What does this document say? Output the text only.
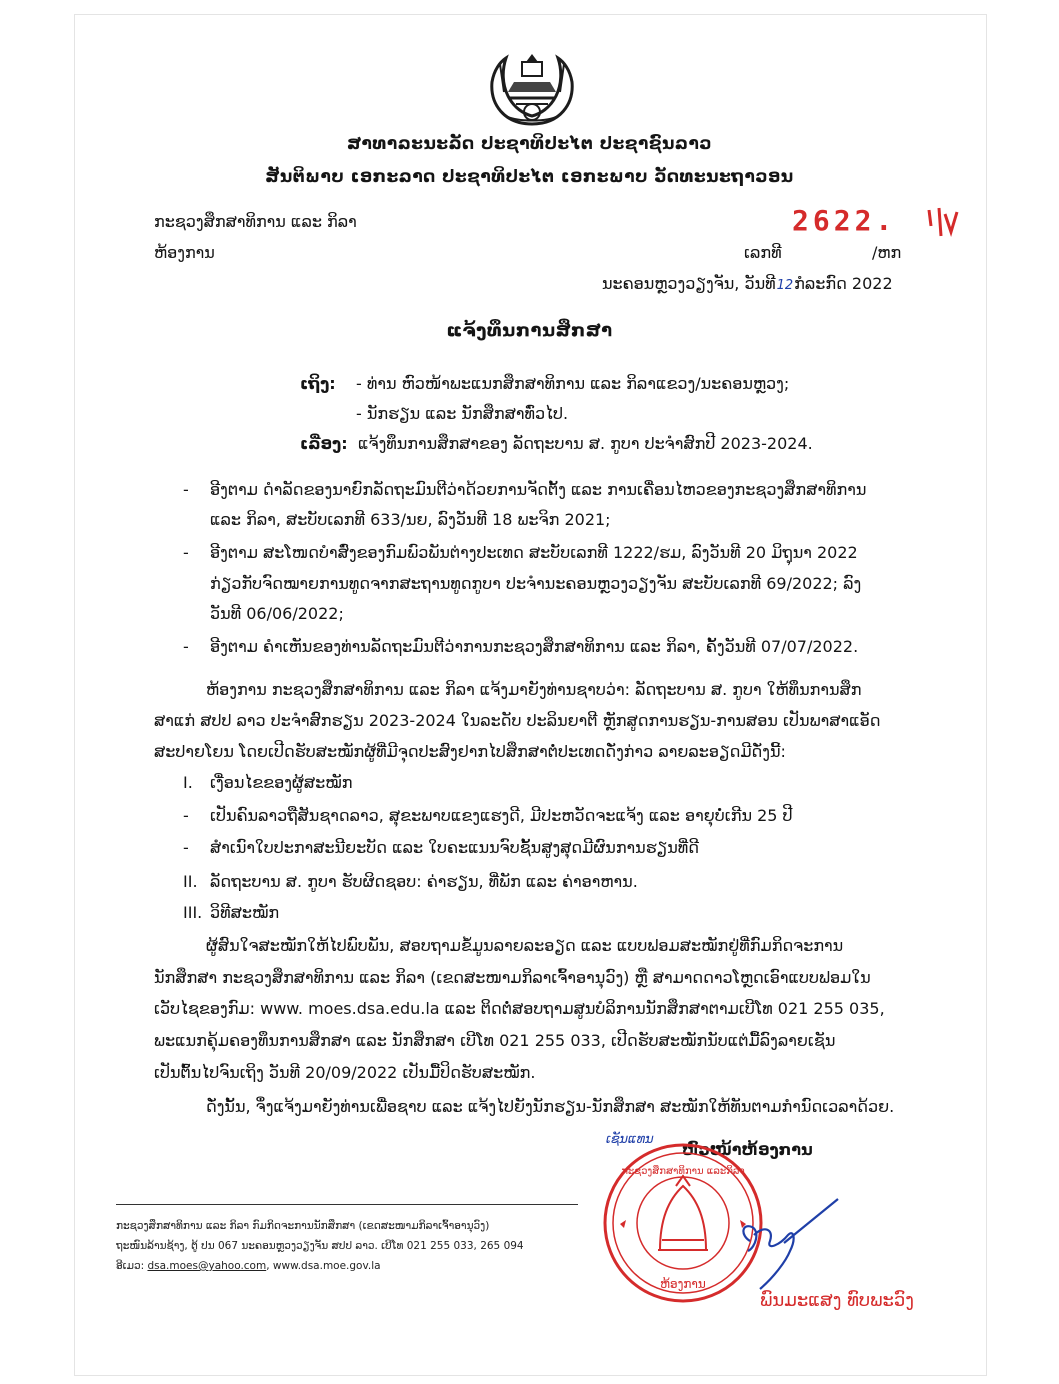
ສາທາລະນະລັດ ປະຊາທິປະໄຕ ປະຊາຊົນລາວ
ສັນຕິພາບ ເອກະລາດ ປະຊາທິປະໄຕ ເອກະພາບ ວັດທະນະຖາວອນ
ກະຊວງສຶກສາທິການ ແລະ ກິລາ
ຫ້ອງການ
2622.
ເລກທີ	/ຫກ
ນະຄອນຫຼວງວຽງຈັນ, ວັນທີ12ກໍລະກົດ 2022
ແຈ້ງທຶນການສຶກສາ
ເຖິງ: - ທ່ານ ຫົວໜ້າພະແນກສຶກສາທິການ ແລະ ກິລາແຂວງ/ນະຄອນຫຼວງ;
- ນັກຮຽນ ແລະ ນັກສຶກສາທົ່ວໄປ.
ເລື່ອງ: ແຈ້ງທຶນການສຶກສາຂອງ ລັດຖະບານ ສ. ກູບາ ປະຈໍາສົກປີ 2023-2024.
- ອີງຕາມ ດໍາລັດຂອງນາຍົກລັດຖະມົນຕີວ່າດ້ວຍການຈັດຕັ້ງ ແລະ ການເຄື່ອນໄຫວຂອງກະຊວງສຶກສາທິການ
ແລະ ກິລາ, ສະບັບເລກທີ 633/ນຍ, ລົງວັນທີ 18 ພະຈິກ 2021;
- ອີງຕາມ ສະໂໜດບໍາສົ່ງຂອງກົມພົວພັນຕ່າງປະເທດ ສະບັບເລກທີ 1222/ຮມ, ລົງວັນທີ 20 ມິຖຸນາ 2022
ກ່ຽວກັບຈົດໝາຍການທູດຈາກສະຖານທູດກູບາ ປະຈໍານະຄອນຫຼວງວຽງຈັນ ສະບັບເລກທີ 69/2022; ລົງ
ວັນທີ 06/06/2022;
- ອີງຕາມ ຄໍາເຫັນຂອງທ່ານລັດຖະມົນຕີວ່າການກະຊວງສຶກສາທິການ ແລະ ກິລາ, ຄັ້ງວັນທີ 07/07/2022.
ຫ້ອງການ ກະຊວງສຶກສາທິການ ແລະ ກິລາ ແຈ້ງມາຍັງທ່ານຊາບວ່າ: ລັດຖະບານ ສ. ກູບາ ໃຫ້ທຶນການສຶກ
ສາແກ່ ສປປ ລາວ ປະຈໍາສົກຮຽນ 2023-2024 ໃນລະດັບ ປະລິນຍາຕີ ຫຼັກສູດການຮຽນ-ການສອນ ເປັນພາສາແອັດ
ສະປາຍໂຍນ ໂດຍເປີດຮັບສະໝັກຜູ້ທີ່ມີຈຸດປະສົງຢາກໄປສຶກສາຕໍ່ປະເທດດັ່ງກ່າວ ລາຍລະອຽດມີດັ່ງນີ້:
I. ເງື່ອນໄຂຂອງຜູ້ສະໝັກ
- ເປັນຄົນລາວຖືສັນຊາດລາວ, ສຸຂະພາບແຂງແຮງດີ, ມີປະຫວັດຈະແຈ້ງ ແລະ ອາຍຸບໍ່ເກີນ 25 ປີ
- ສໍາເນົາໃບປະກາສະນີຍະບັດ ແລະ ໃບຄະແນນຈົບຊັ້ນສູງສຸດມີຜົນການຮຽນທີ່ດີ
II. ລັດຖະບານ ສ. ກູບາ ຮັບຜິດຊອບ: ຄ່າຮຽນ, ທີ່ພັກ ແລະ ຄ່າອາຫານ.
III. ວິທີສະໝັກ
ຜູ້ສົນໃຈສະໝັກໃຫ້ໄປພົບພັນ, ສອບຖາມຂໍ້ມູນລາຍລະອຽດ ແລະ ແບບຟອມສະໝັກຢູ່ທີ່ກົມກິດຈະການ
ນັກສຶກສາ ກະຊວງສຶກສາທິການ ແລະ ກິລາ (ເຂດສະໜາມກິລາເຈົ້າອານຸວົງ) ຫຼື ສາມາດດາວໂຫຼດເອົາແບບຟອມໃນ
ເວັບໄຊຂອງກົມ: www. moes.dsa.edu.la ແລະ ຕິດຕໍ່ສອບຖາມສູນບໍລິການນັກສຶກສາຕາມເບີໂທ 021 255 035,
ພະແນກຄຸ້ມຄອງທຶນການສຶກສາ ແລະ ນັກສຶກສາ ເບີໂທ 021 255 033, ເປີດຮັບສະໝັກນັບແຕ່ມື້ລົງລາຍເຊັນ
ເປັນຕົ້ນໄປຈົນເຖິງ ວັນທີ 20/09/2022 ເປັນມື້ປິດຮັບສະໝັກ.
ດັ່ງນັ້ນ, ຈຶ່ງແຈ້ງມາຍັງທ່ານເພື່ອຊາບ ແລະ ແຈ້ງໄປຍັງນັກຮຽນ-ນັກສຶກສາ ສະໝັກໃຫ້ທັນຕາມກໍານົດເວລາດ້ວຍ.
ເຊັນແທນ
ຫົວໜ້າຫ້ອງການ
ກະຊວງສຶກສາທິການ ແລະກິລາ
ຫ້ອງການ
ພົນມະແສງ ທົບພະວົງ
ກະຊວງສຶກສາທິການ ແລະ ກິລາ ກົມກິດຈະການນັກສຶກສາ (ເຂດສະໜາມກິລາເຈົ້າອານຸວົງ)
ຖະໜົນລ້ານຊ້າງ, ຕູ້ ປນ 067 ນະຄອນຫຼວງວຽງຈັນ ສປປ ລາວ. ເບີໂທ 021 255 033, 265 094
ອີເມວ: dsa.moes@yahoo.com, www.dsa.moe.gov.la
